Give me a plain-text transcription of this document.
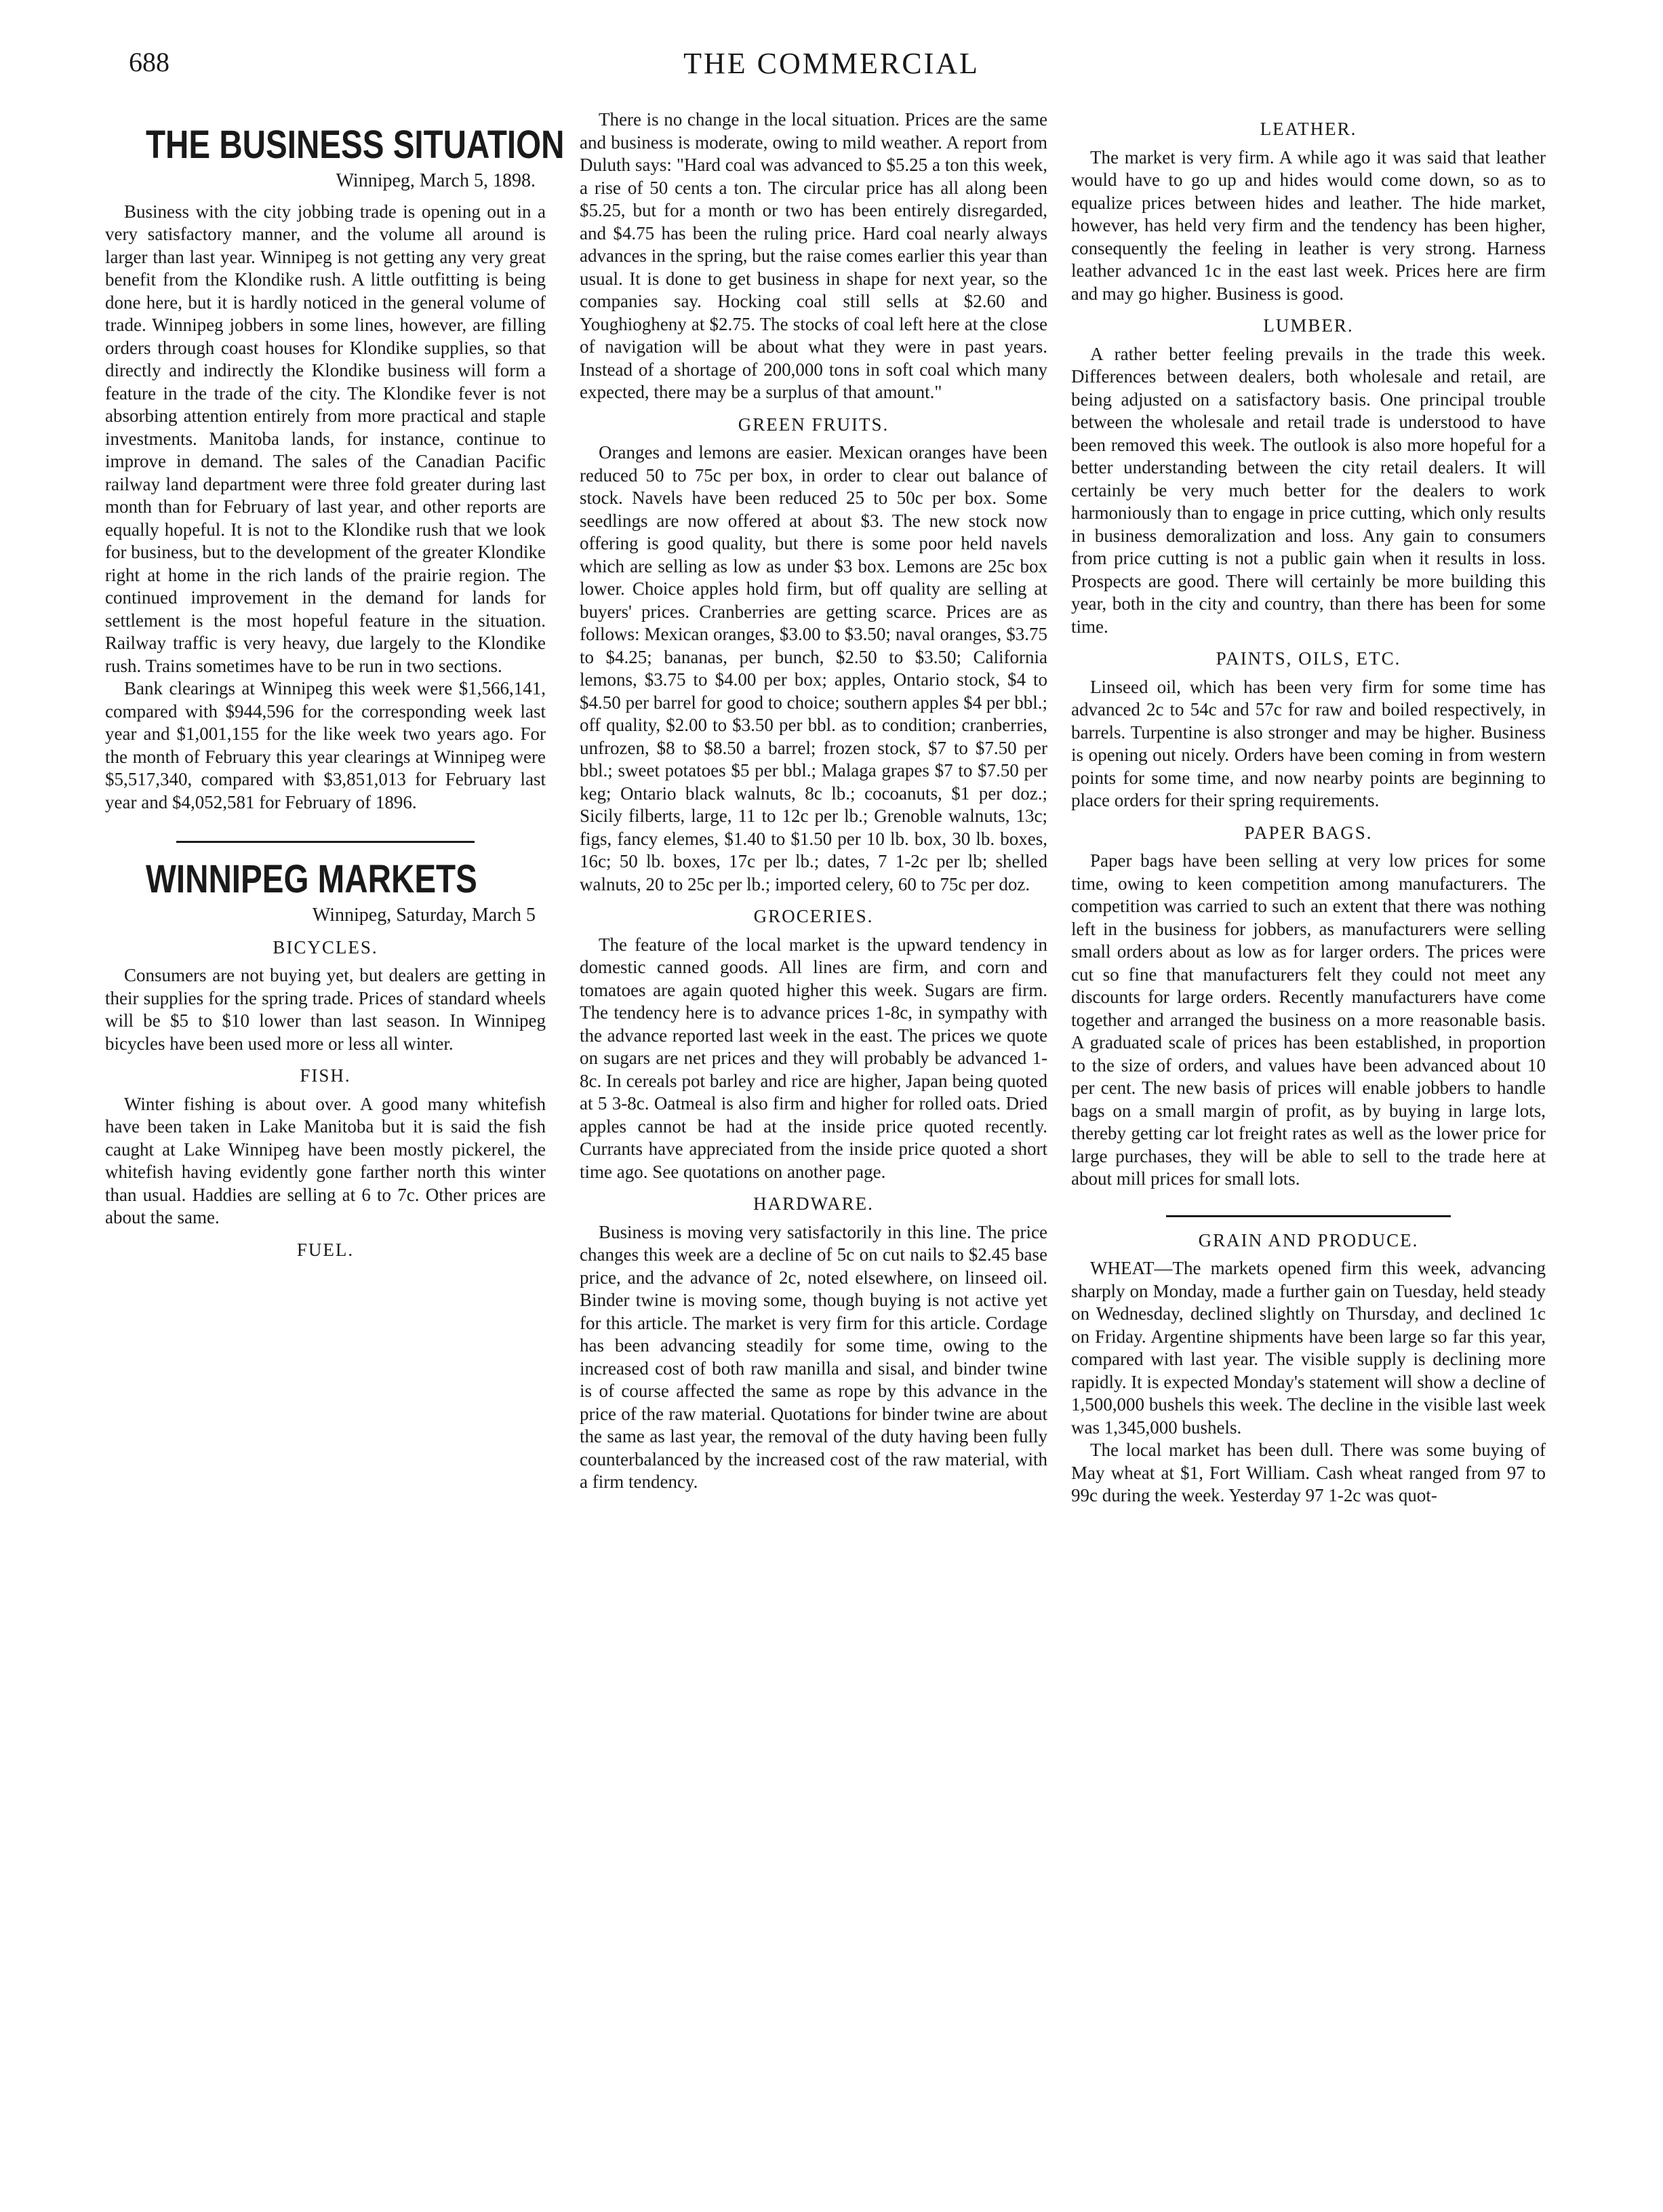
688	THE COMMERCIAL
THE BUSINESS SITUATION
Winnipeg, March 5, 1898.

Business with the city jobbing trade is opening out in a very satisfactory manner, and the volume all around is larger than last year. Winnipeg is not getting any very great benefit from the Klondike rush. A little outfitting is being done here, but it is hardly noticed in the general volume of trade. Winnipeg jobbers in some lines, however, are filling orders through coast houses for Klondike supplies, so that directly and indirectly the Klondike business will form a feature in the trade of the city. The Klondike fever is not absorbing attention entirely from more practical and staple investments. Manitoba lands, for instance, continue to improve in demand. The sales of the Canadian Pacific railway land department were three fold greater during last month than for February of last year, and other reports are equally hopeful. It is not to the Klondike rush that we look for business, but to the development of the greater Klondike right at home in the rich lands of the prairie region. The continued improvement in the demand for lands for settlement is the most hopeful feature in the situation. Railway traffic is very heavy, due largely to the Klondike rush. Trains sometimes have to be run in two sections.

Bank clearings at Winnipeg this week were $1,566,141, compared with $944,596 for the corresponding week last year and $1,001,155 for the like week two years ago. For the month of February this year clearings at Winnipeg were $5,517,340, compared with $3,851,013 for February last year and $4,052,581 for February of 1896.

WINNIPEG MARKETS
Winnipeg, Saturday, March 5
BICYCLES.

Consumers are not buying yet, but dealers are getting in their supplies for the spring trade. Prices of standard wheels will be $5 to $10 lower than last season. In Winnipeg bicycles have been used more or less all winter.

FISH.

Winter fishing is about over. A good many whitefish have been taken in Lake Manitoba but it is said the fish caught at Lake Winnipeg have been mostly pickerel, the whitefish having evidently gone farther north this winter than usual. Haddies are selling at 6 to 7c. Other prices are about the same.

FUEL.

There is no change in the local situation. Prices are the same and business is moderate, owing to mild weather. A report from Duluth says: "Hard coal was advanced to $5.25 a ton this week, a rise of 50 cents a ton. The circular price has all along been $5.25, but for a month or two has been entirely disregarded, and $4.75 has been the ruling price. Hard coal nearly always advances in the spring, but the raise comes earlier this year than usual. It is done to get business in shape for next year, so the companies say. Hocking coal still sells at $2.60 and Youghiogheny at $2.75. The stocks of coal left here at the close of navigation will be about what they were in past years. Instead of a shortage of 200,000 tons in soft coal which many expected, there may be a surplus of that amount."

GREEN FRUITS.

Oranges and lemons are easier. Mexican oranges have been reduced 50 to 75c per box, in order to clear out balance of stock. Navels have been reduced 25 to 50c per box. Some seedlings are now offered at about $3. The new stock now offering is good quality, but there is some poor held navels which are selling as low as under $3 box. Lemons are 25c box lower. Choice apples hold firm, but off quality are selling at buyers' prices. Cranberries are getting scarce. Prices are as follows: Mexican oranges, $3.00 to $3.50; naval oranges, $3.75 to $4.25; bananas, per bunch, $2.50 to $3.50; California lemons, $3.75 to $4.00 per box; apples, Ontario stock, $4 to $4.50 per barrel for good to choice; southern apples $4 per bbl.; off quality, $2.00 to $3.50 per bbl. as to condition; cranberries, unfrozen, $8 to $8.50 a barrel; frozen stock, $7 to $7.50 per bbl.; sweet potatoes $5 per bbl.; Malaga grapes $7 to $7.50 per keg; Ontario black walnuts, 8c lb.; cocoanuts, $1 per doz.; Sicily filberts, large, 11 to 12c per lb.; Grenoble walnuts, 13c; figs, fancy elemes, $1.40 to $1.50 per 10 lb. box, 30 lb. boxes, 16c; 50 lb. boxes, 17c per lb.; dates, 7 1-2c per lb; shelled walnuts, 20 to 25c per lb.; imported celery, 60 to 75c per doz.

GROCERIES.

The feature of the local market is the upward tendency in domestic canned goods. All lines are firm, and corn and tomatoes are again quoted higher this week. Sugars are firm. The tendency here is to advance prices 1-8c, in sympathy with the advance reported last week in the east. The prices we quote on sugars are net prices and they will probably be advanced 1-8c. In cereals pot barley and rice are higher, Japan being quoted at 5 3-8c. Oatmeal is also firm and higher for rolled oats. Dried apples cannot be had at the inside price quoted recently. Currants have appreciated from the inside price quoted a short time ago. See quotations on another page.

HARDWARE.

Business is moving very satisfactorily in this line. The price changes this week are a decline of 5c on cut nails to $2.45 base price, and the advance of 2c, noted elsewhere, on linseed oil. Binder twine is moving some, though buying is not active yet for this article. The market is very firm for this article. Cordage has been advancing steadily for some time, owing to the increased cost of both raw manilla and sisal, and binder twine is of course affected the same as rope by this advance in the price of the raw material. Quotations for binder twine are about the same as last year, the removal of the duty having been fully counterbalanced by the increased cost of the raw material, with a firm tendency.

LEATHER.

The market is very firm. A while ago it was said that leather would have to go up and hides would come down, so as to equalize prices between hides and leather. The hide market, however, has held very firm and the tendency has been higher, consequently the feeling in leather is very strong. Harness leather advanced 1c in the east last week. Prices here are firm and may go higher. Business is good.

LUMBER.

A rather better feeling prevails in the trade this week. Differences between dealers, both wholesale and retail, are being adjusted on a satisfactory basis. One principal trouble between the wholesale and retail trade is understood to have been removed this week. The outlook is also more hopeful for a better understanding between the city retail dealers. It will certainly be very much better for the dealers to work harmoniously than to engage in price cutting, which only results in business demoralization and loss. Any gain to consumers from price cutting is not a public gain when it results in loss. Prospects are good. There will certainly be more building this year, both in the city and country, than there has been for some time.

PAINTS, OILS, ETC.

Linseed oil, which has been very firm for some time has advanced 2c to 54c and 57c for raw and boiled respectively, in barrels. Turpentine is also stronger and may be higher. Business is opening out nicely. Orders have been coming in from western points for some time, and now nearby points are beginning to place orders for their spring requirements.

PAPER BAGS.

Paper bags have been selling at very low prices for some time, owing to keen competition among manufacturers. The competition was carried to such an extent that there was nothing left in the business for jobbers, as manufacturers were selling small orders about as low as for larger orders. The prices were cut so fine that manufacturers felt they could not meet any discounts for large orders. Recently manufacturers have come together and arranged the business on a more reasonable basis. A graduated scale of prices has been established, in proportion to the size of orders, and values have been advanced about 10 per cent. The new basis of prices will enable jobbers to handle bags on a small margin of profit, as by buying in large lots, thereby getting car lot freight rates as well as the lower price for large purchases, they will be able to sell to the trade here at about mill prices for small lots.

GRAIN AND PRODUCE.

WHEAT—The markets opened firm this week, advancing sharply on Monday, made a further gain on Tuesday, held steady on Wednesday, declined slightly on Thursday, and declined 1c on Friday. Argentine shipments have been large so far this year, compared with last year. The visible supply is declining more rapidly. It is expected Monday's statement will show a decline of 1,500,000 bushels this week. The decline in the visible last week was 1,345,000 bushels.

The local market has been dull. There was some buying of May wheat at $1, Fort William. Cash wheat ranged from 97 to 99c during the week. Yesterday 97 1-2c was quot-
